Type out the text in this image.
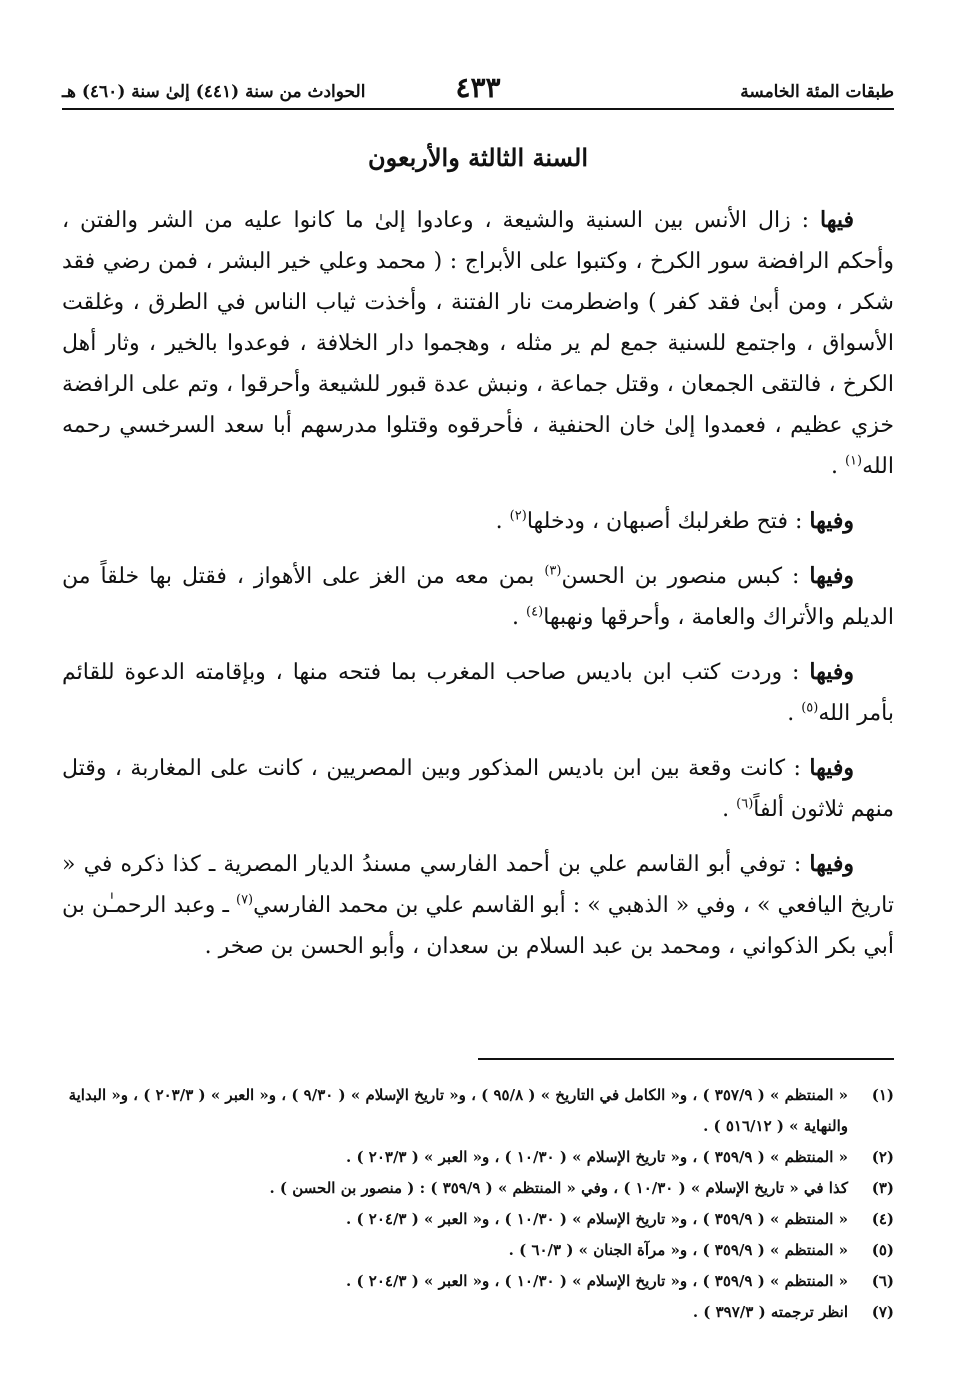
طبقات المئة الخامسة
٤٣٣
الحوادث من سنة (٤٤١) إلىٰ سنة (٤٦٠) هـ
السنة الثالثة والأربعون

فيها : زال الأنس بين السنية والشيعة ، وعادوا إلىٰ ما كانوا عليه من الشر والفتن ، وأحكم الرافضة سور الكرخ ، وكتبوا على الأبراج : ( محمد وعلي خير البشر ، فمن رضي فقد شكر ، ومن أبىٰ فقد كفر ) واضطرمت نار الفتنة ، وأخذت ثياب الناس في الطرق ، وغلقت الأسواق ، واجتمع للسنية جمع لم ير مثله ، وهجموا دار الخلافة ، فوعدوا بالخير ، وثار أهل الكرخ ، فالتقى الجمعان ، وقتل جماعة ، ونبش عدة قبور للشيعة وأحرقوا ، وتم على الرافضة خزي عظيم ، فعمدوا إلىٰ خان الحنفية ، فأحرقوه وقتلوا مدرسهم أبا سعد السرخسي رحمه الله$^{(١)}$ .

وفيها : فتح طغرلبك أصبهان ، ودخلها$^{(٢)}$ .

وفيها : كبس منصور بن الحسن$^{(٣)}$ بمن معه من الغز على الأهواز ، فقتل بها خلقاً من الديلم والأتراك والعامة ، وأحرقها ونهبها$^{(٤)}$ .

وفيها : وردت كتب ابن باديس صاحب المغرب بما فتحه منها ، وبإقامته الدعوة للقائم بأمر الله$^{(٥)}$ .

وفيها : كانت وقعة بين ابن باديس المذكور وبين المصريين ، كانت على المغاربة ، وقتل منهم ثلاثون ألفاً$^{(٦)}$ .

وفيها : توفي أبو القاسم علي بن أحمد الفارسي مسندُ الديار المصرية ـ كذا ذكره في « تاريخ اليافعي » ، وفي « الذهبي » : أبو القاسم علي بن محمد الفارسي$^{(٧)}$ ـ وعبد الرحمـٰن بن أبي بكر الذكواني ، ومحمد بن عبد السلام بن سعدان ، وأبو الحسن بن صخر .

(١)
« المنتظم » ( ٣٥٧/٩ ) ، و« الكامل في التاريخ » ( ٩٥/٨ ) ، و« تاريخ الإسلام » ( ٩/٣٠ ) ، و« العبر » ( ٢٠٣/٣ ) ، و« البداية والنهاية » ( ٥١٦/١٢ ) .
(٢)
« المنتظم » ( ٣٥٩/٩ ) ، و« تاريخ الإسلام » ( ١٠/٣٠ ) ، و« العبر » ( ٢٠٣/٣ ) .
(٣)
كذا في « تاريخ الإسلام » ( ١٠/٣٠ ) ، وفي « المنتظم » ( ٣٥٩/٩ ) : ( منصور بن الحسن ) .
(٤)
« المنتظم » ( ٣٥٩/٩ ) ، و« تاريخ الإسلام » ( ١٠/٣٠ ) ، و« العبر » ( ٢٠٤/٣ ) .
(٥)
« المنتظم » ( ٣٥٩/٩ ) ، و« مرآة الجنان » ( ٦٠/٣ ) .
(٦)
« المنتظم » ( ٣٥٩/٩ ) ، و« تاريخ الإسلام » ( ١٠/٣٠ ) ، و« العبر » ( ٢٠٤/٣ ) .
(٧)
انظر ترجمته ( ٣٩٧/٣ ) .
